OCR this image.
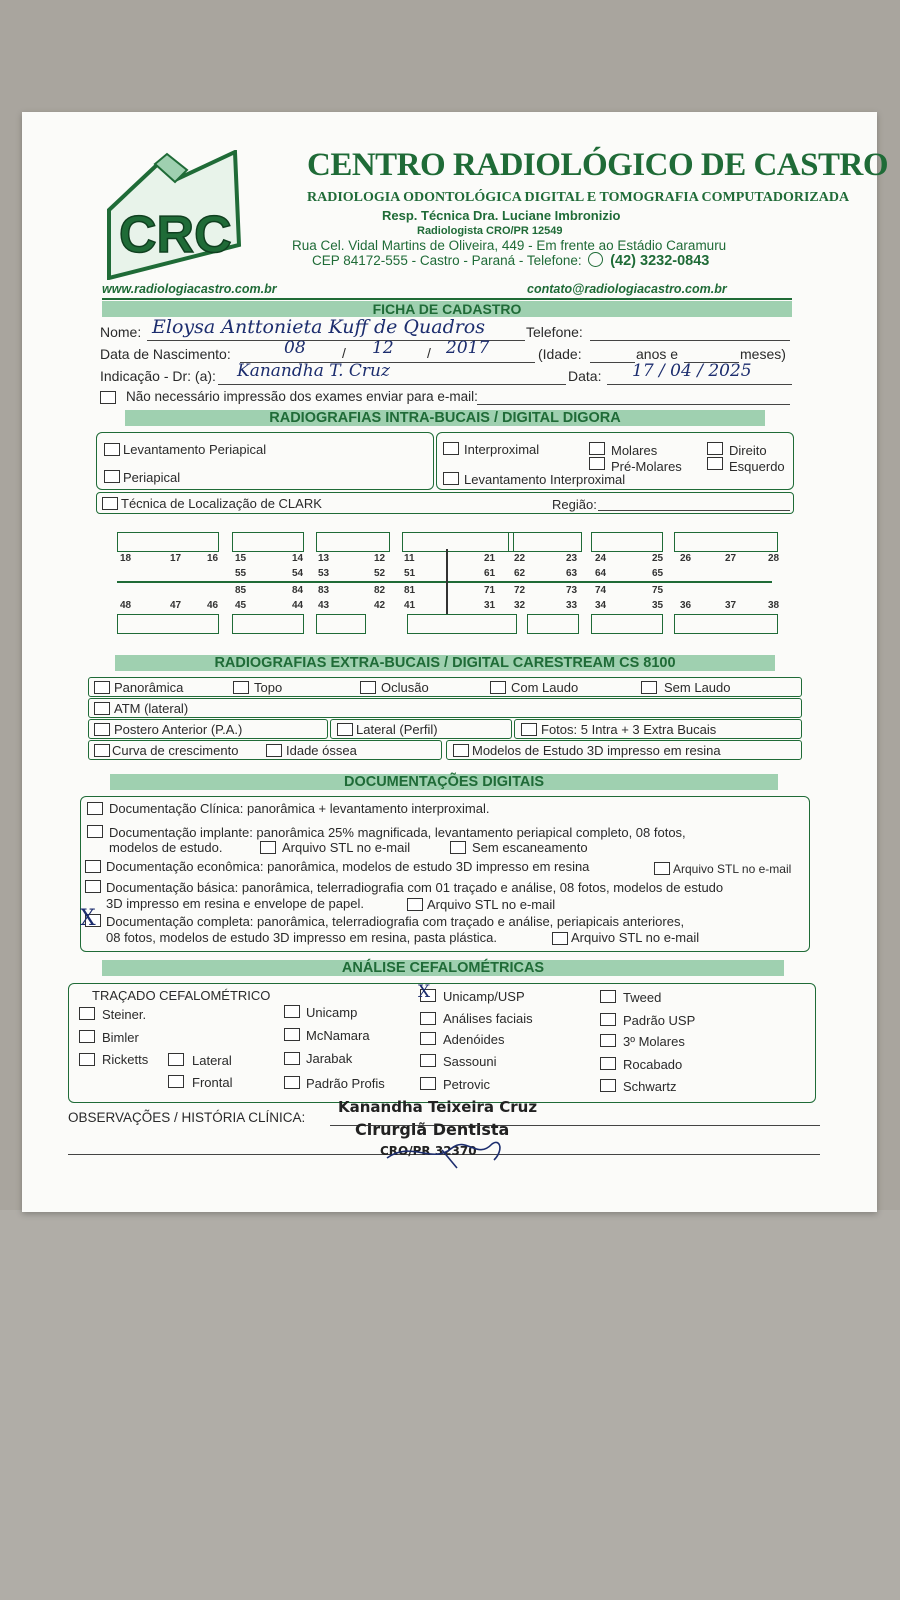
CRC
CENTRO RADIOLÓGICO DE CASTRO
RADIOLOGIA ODONTOLÓGICA DIGITAL E TOMOGRAFIA COMPUTADORIZADA
Resp. Técnica Dra. Luciane Imbronizio
Radiologista CRO/PR 12549
Rua Cel. Vidal Martins de Oliveira, 449 - Em frente ao Estádio Caramuru
CEP 84172-555 - Castro - Paraná - Telefone: (42) 3232-0843
www.radiologiacastro.com.br	contato@radiologiacastro.com.br
FICHA DE CADASTRO
Nome: Eloysa Anttonieta Kuff de Quadros	Telefone:
Data de Nascimento:	08	/ 12 / 2017	(Idade:	anos e	meses)
Indicação - Dr: (a): Kanandha T. Cruz	Data: 17 / 04 / 2025
Não necessário impressão dos exames enviar para e-mail:
RADIOGRAFIAS INTRA-BUCAIS / DIGITAL DIGORA
Levantamento Periapical
Periapical
Interproximal
Levantamento Interproximal
Molares
Pré-Molares
Direito
Esquerdo
Técnica de Localização de CLARK	Região:
18	17	16 15	14 13	12 11	21 22	23 24	25 26	27	28
55	54 53	52 51	61 62	63 64	65
85	84 83	82 81	71 72	73 74	75
48	47	46 45	44 43	42 41	31 32	33 34	35 36	37	38
RADIOGRAFIAS EXTRA-BUCAIS / DIGITAL CARESTREAM CS 8100
Panorâmica	Topo	Oclusão	Com Laudo	Sem Laudo
ATM (lateral)
Postero Anterior (P.A.)	Lateral (Perfil)	Fotos: 5 Intra + 3 Extra Bucais
Curva de crescimento	Idade óssea	Modelos de Estudo 3D impresso em resina
DOCUMENTAÇÕES DIGITAIS
Documentação Clínica: panorâmica + levantamento interproximal.
Documentação implante: panorâmica 25% magnificada, levantamento periapical completo, 08 fotos,
modelos de estudo.	Arquivo STL no e-mail	Sem escaneamento
Documentação econômica: panorâmica, modelos de estudo 3D impresso em resina	Arquivo STL no e-mail
Documentação básica: panorâmica, telerradiografia com 01 traçado e análise, 08 fotos, modelos de estudo
3D impresso em resina e envelope de papel.	Arquivo STL no e-mail
X Documentação completa: panorâmica, telerradiografia com traçado e análise, periapicais anteriores,
08 fotos, modelos de estudo 3D impresso em resina, pasta plástica.	Arquivo STL no e-mail
ANÁLISE CEFALOMÉTRICAS
TRAÇADO CEFALOMÉTRICO
Steiner.
Bimler
Ricketts	Lateral
Frontal
Unicamp
McNamara
Jarabak
Padrão Profis
X Unicamp/USP
Análises faciais
Adenóides
Sassouni
Petrovic
Tweed
Padrão USP
3º Molares
Rocabado
Schwartz
OBSERVAÇÕES / HISTÓRIA CLÍNICA:
Kanandha Teixeira Cruz
Cirurgiã Dentista
CRO/PR 32370
